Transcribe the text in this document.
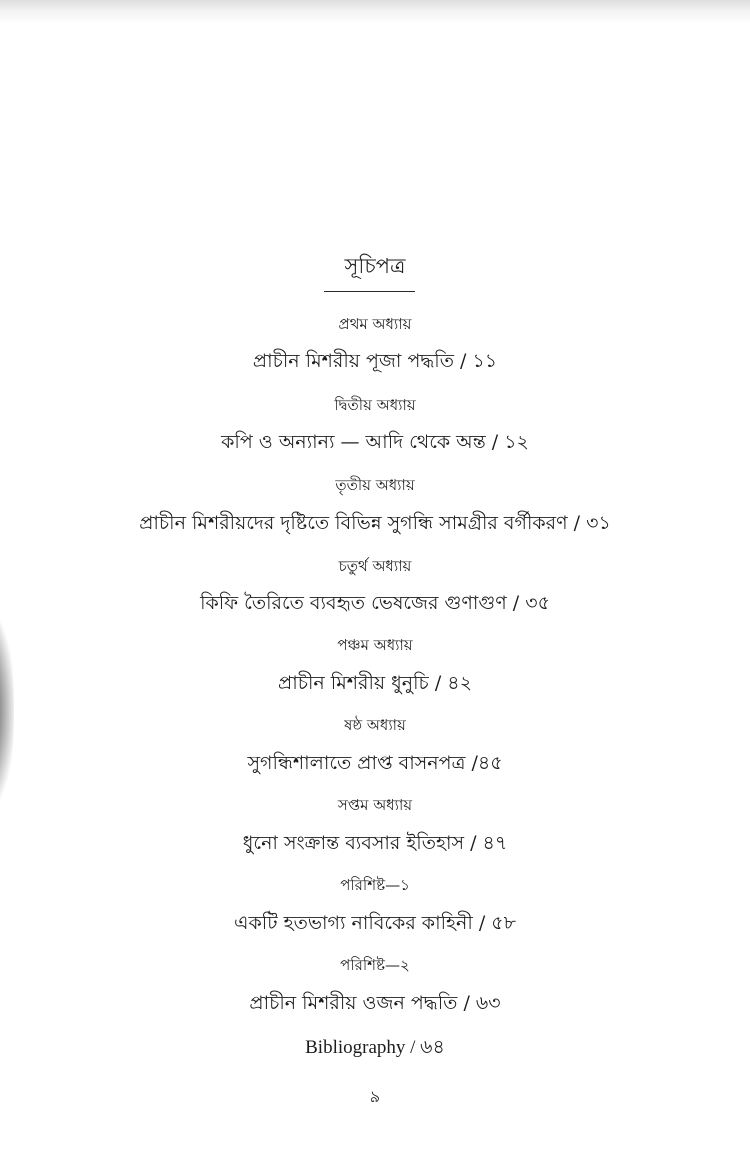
সূচিপত্র
প্রথম অধ্যায়
প্রাচীন মিশরীয় পূজা পদ্ধতি / ১১
দ্বিতীয় অধ্যায়
কপি ও অন্যান্য — আদি থেকে অন্ত / ১২
তৃতীয় অধ্যায়
প্রাচীন মিশরীয়দের দৃষ্টিতে বিভিন্ন সুগন্ধি সামগ্রীর বর্গীকরণ / ৩১
চতুর্থ অধ্যায়
কিফি তৈরিতে ব্যবহৃত ভেষজের গুণাগুণ / ৩৫
পঞ্চম অধ্যায়
প্রাচীন মিশরীয় ধুনুচি / ৪২
ষষ্ঠ অধ্যায়
সুগন্ধিশালাতে প্রাপ্ত বাসনপত্র /৪৫
সপ্তম অধ্যায়
ধুনো সংক্রান্ত ব্যবসার ইতিহাস / ৪৭
পরিশিষ্ট—১
একটি হতভাগ্য নাবিকের কাহিনী / ৫৮
পরিশিষ্ট—২
প্রাচীন মিশরীয় ওজন পদ্ধতি / ৬৩
Bibliography / ৬৪
৯
